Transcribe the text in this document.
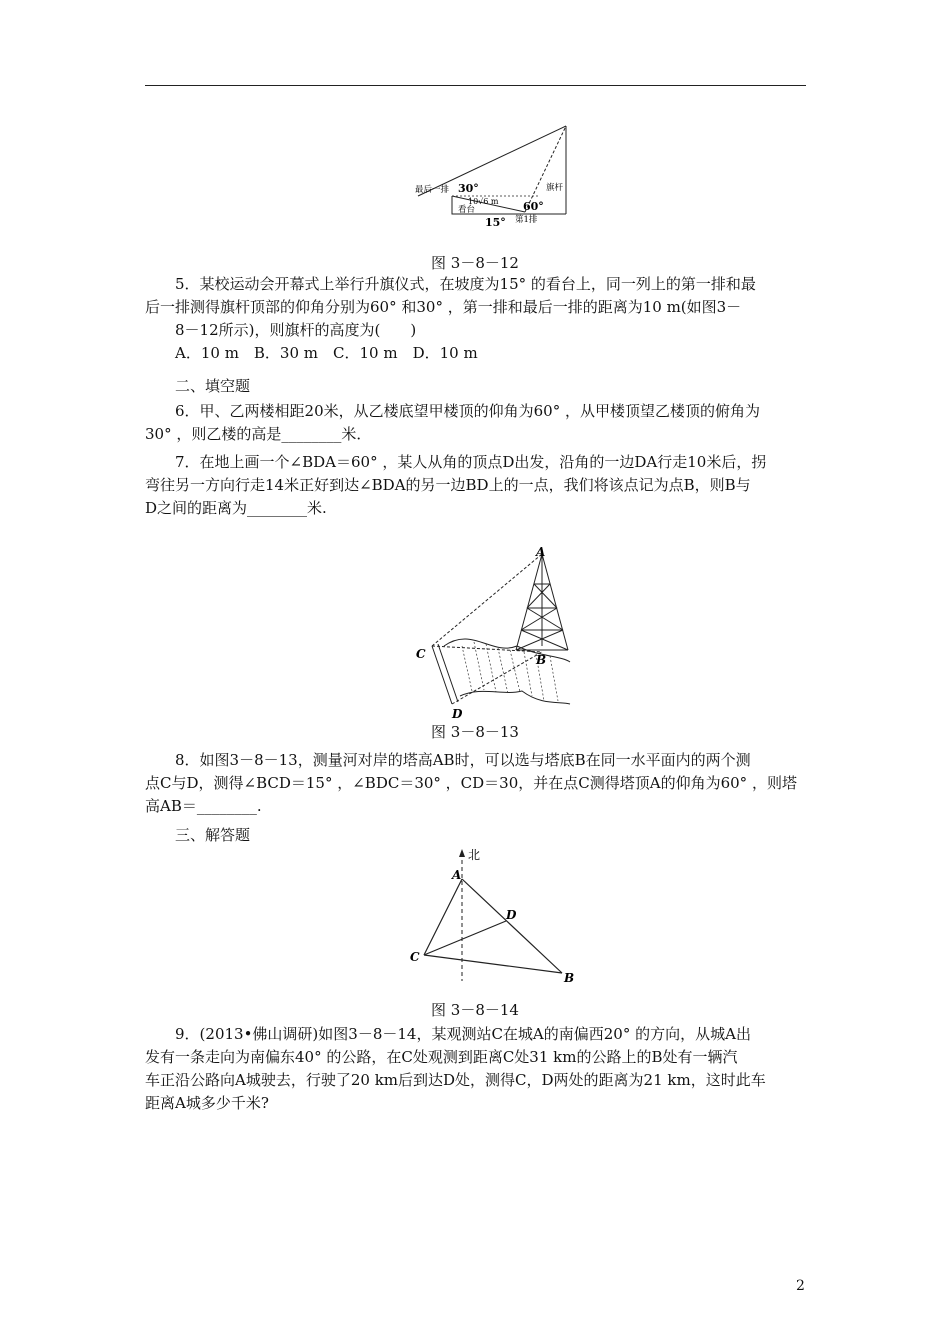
最后一排 30°
10√6 m
看台	60°
旗杆
15° 第1排
图 3－8－12
5．某校运动会开幕式上举行升旗仪式，在坡度为15° 的看台上，同一列上的第一排和最
后一排测得旗杆顶部的仰角分别为60° 和30° ，第一排和最后一排的距离为10 m(如图3－
8－12所示)，则旗杆的高度为(　　)
A．10 m　B．30 m　C．10 m　D．10 m
二、填空题
6．甲、乙两楼相距20米，从乙楼底望甲楼顶的仰角为60° ，从甲楼顶望乙楼顶的俯角为
30° ，则乙楼的高是________米．
7．在地上画一个∠BDA＝60° ，某人从角的顶点D出发，沿角的一边DA行走10米后，拐
弯往另一方向行走14米正好到达∠BDA的另一边BD上的一点，我们将该点记为点B，则B与
D之间的距离为________米.
A
B
C
D
图 3－8－13
8．如图3－8－13，测量河对岸的塔高AB时，可以选与塔底B在同一水平面内的两个测
点C与D，测得∠BCD＝15° ，∠BDC＝30° ，CD＝30，并在点C测得塔顶A的仰角为60° ，则塔
高AB＝________.
三、解答题
北
A
D
C
B
图 3－8－14
9．(2013•佛山调研)如图3－8－14，某观测站C在城A的南偏西20° 的方向，从城A出
发有一条走向为南偏东40° 的公路，在C处观测到距离C处31 km的公路上的B处有一辆汽
车正沿公路向A城驶去，行驶了20 km后到达D处，测得C，D两处的距离为21 km，这时此车
距离A城多少千米?
2
